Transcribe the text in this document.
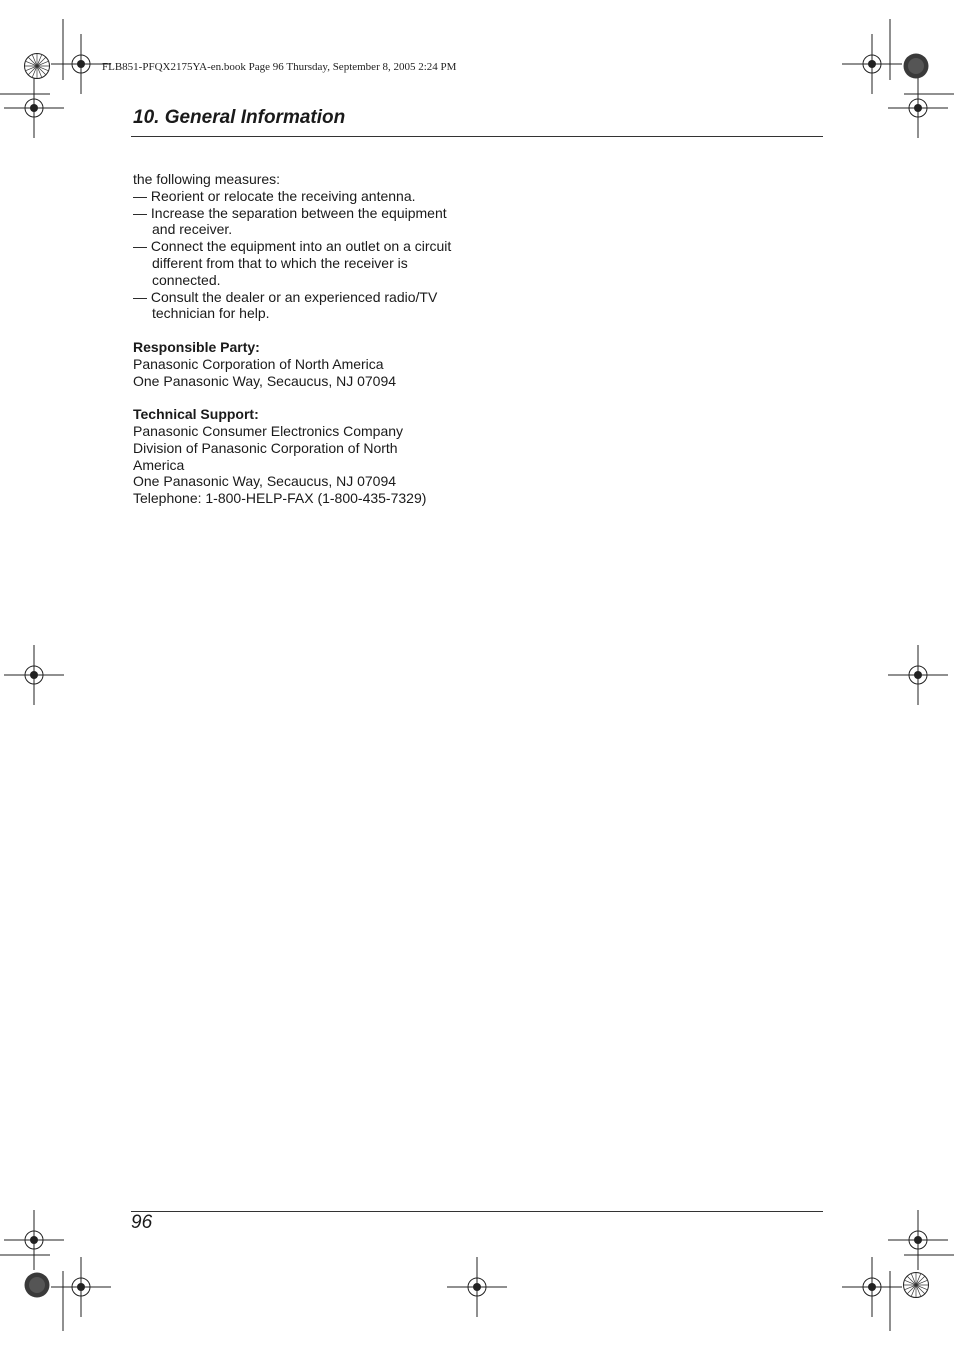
FLB851-PFQX2175YA-en.book Page 96 Thursday, September 8, 2005 2:24 PM
10. General Information

the following measures:

— Reorient or relocate the receiving antenna.

— Increase the separation between the equipment and receiver.

— Connect the equipment into an outlet on a circuit different from that to which the receiver is connected.

— Consult the dealer or an experienced radio/TV technician for help.

Responsible Party:

Panasonic Corporation of North America

One Panasonic Way, Secaucus, NJ 07094

Technical Support:

Panasonic Consumer Electronics Company

Division of Panasonic Corporation of North America

One Panasonic Way, Secaucus, NJ 07094

Telephone: 1-800-HELP-FAX (1-800-435-7329)

96
